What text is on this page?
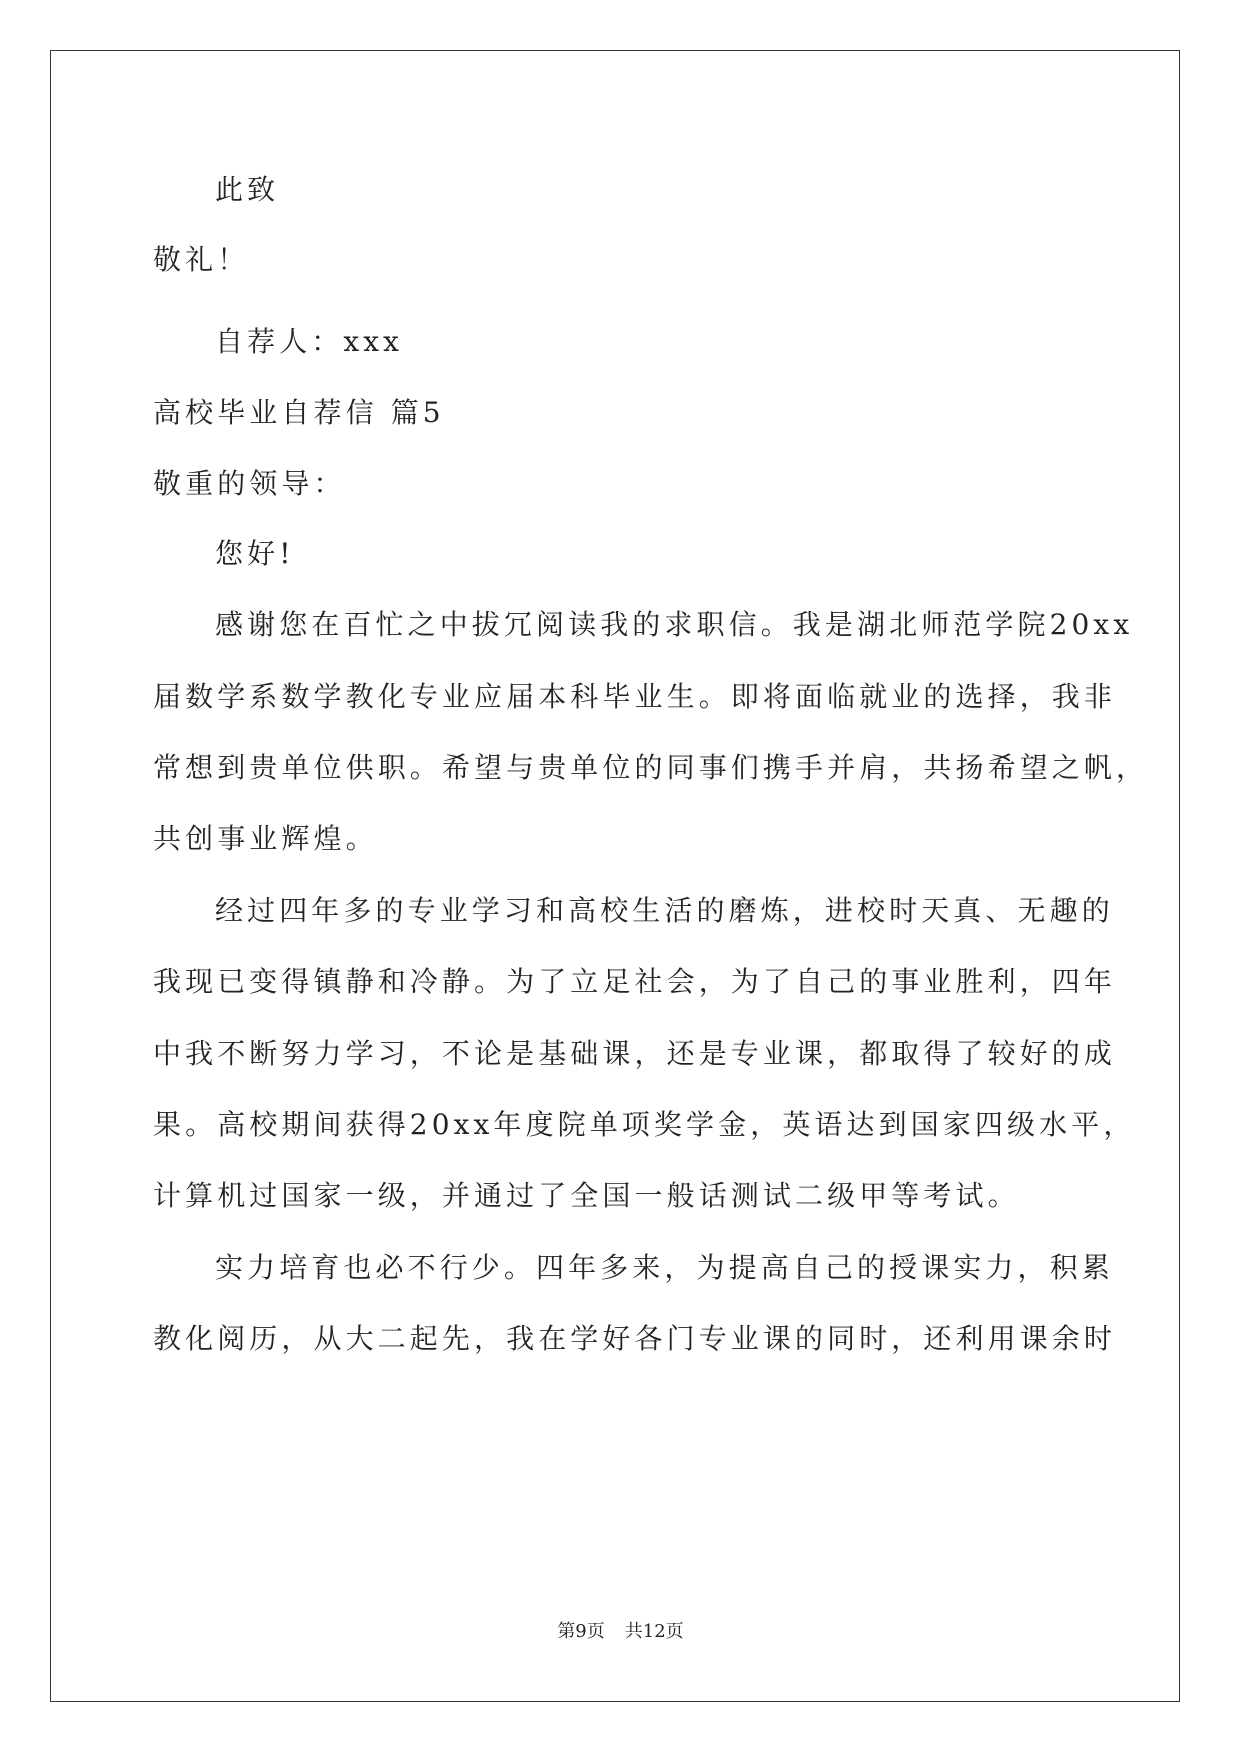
此致

敬礼！

自荐人：xxx

高校毕业自荐信 篇5

敬重的领导：

您好!

感谢您在百忙之中拔冗阅读我的求职信。我是湖北师范学院20xx

届数学系数学教化专业应届本科毕业生。即将面临就业的选择，我非

常想到贵单位供职。希望与贵单位的同事们携手并肩，共扬希望之帆，

共创事业辉煌。

经过四年多的专业学习和高校生活的磨炼，进校时天真、无趣的

我现已变得镇静和冷静。为了立足社会，为了自己的事业胜利，四年

中我不断努力学习，不论是基础课，还是专业课，都取得了较好的成

果。高校期间获得20xx年度院单项奖学金，英语达到国家四级水平，

计算机过国家一级，并通过了全国一般话测试二级甲等考试。

实力培育也必不行少。四年多来，为提高自己的授课实力，积累

教化阅历，从大二起先，我在学好各门专业课的同时，还利用课余时

第9页 共12页
